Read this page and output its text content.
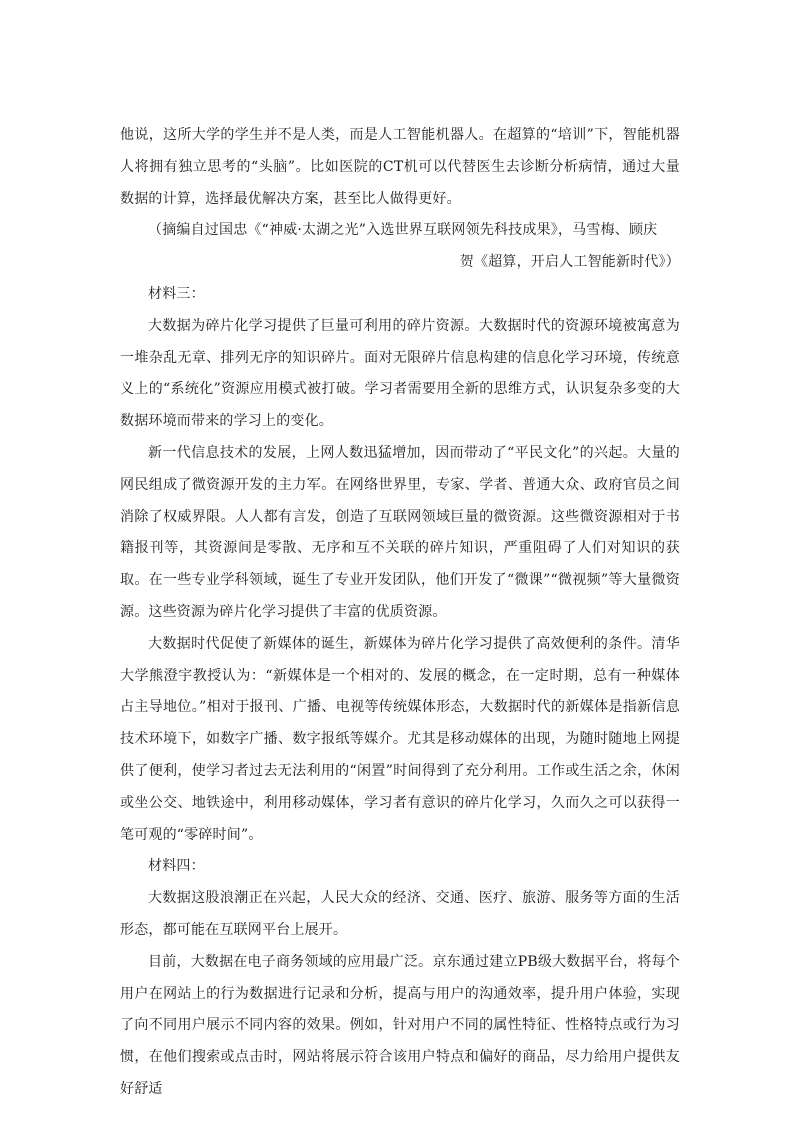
他说，这所大学的学生并不是人类，而是人工智能机器人。在超算的“培训”下，智能机器人将拥有独立思考的“头脑”。比如医院的CT机可以代替医生去诊断分析病情，通过大量数据的计算，选择最优解决方案，甚至比人做得更好。

（摘编自过国忠《“神威·太湖之光”入选世界互联网领先科技成果》，马雪梅、顾庆

贺《超算，开启人工智能新时代》）

材料三：

大数据为碎片化学习提供了巨量可利用的碎片资源。大数据时代的资源环境被寓意为一堆杂乱无章、排列无序的知识碎片。面对无限碎片信息构建的信息化学习环境，传统意义上的“系统化”资源应用模式被打破。学习者需要用全新的思维方式，认识复杂多变的大数据环境而带来的学习上的变化。

新一代信息技术的发展，上网人数迅猛增加，因而带动了“平民文化”的兴起。大量的网民组成了微资源开发的主力军。在网络世界里，专家、学者、普通大众、政府官员之间消除了权威界限。人人都有言发，创造了互联网领域巨量的微资源。这些微资源相对于书籍报刊等，其资源间是零散、无序和互不关联的碎片知识，严重阻碍了人们对知识的获取。在一些专业学科领域，诞生了专业开发团队，他们开发了“微课”“微视频”等大量微资源。这些资源为碎片化学习提供了丰富的优质资源。

大数据时代促使了新媒体的诞生，新媒体为碎片化学习提供了高效便利的条件。清华大学熊澄宇教授认为：“新媒体是一个相对的、发展的概念，在一定时期，总有一种媒体占主导地位。”相对于报刊、广播、电视等传统媒体形态，大数据时代的新媒体是指新信息技术环境下，如数字广播、数字报纸等媒介。尤其是移动媒体的出现，为随时随地上网提供了便利，使学习者过去无法利用的“闲置”时间得到了充分利用。工作或生活之余，休闲或坐公交、地铁途中，利用移动媒体，学习者有意识的碎片化学习，久而久之可以获得一笔可观的“零碎时间”。

材料四：

大数据这股浪潮正在兴起，人民大众的经济、交通、医疗、旅游、服务等方面的生活形态，都可能在互联网平台上展开。

目前，大数据在电子商务领域的应用最广泛。京东通过建立PB级大数据平台，将每个用户在网站上的行为数据进行记录和分析，提高与用户的沟通效率，提升用户体验，实现了向不同用户展示不同内容的效果。例如，针对用户不同的属性特征、性格特点或行为习惯，在他们搜索或点击时，网站将展示符合该用户特点和偏好的商品，尽力给用户提供友好舒适
